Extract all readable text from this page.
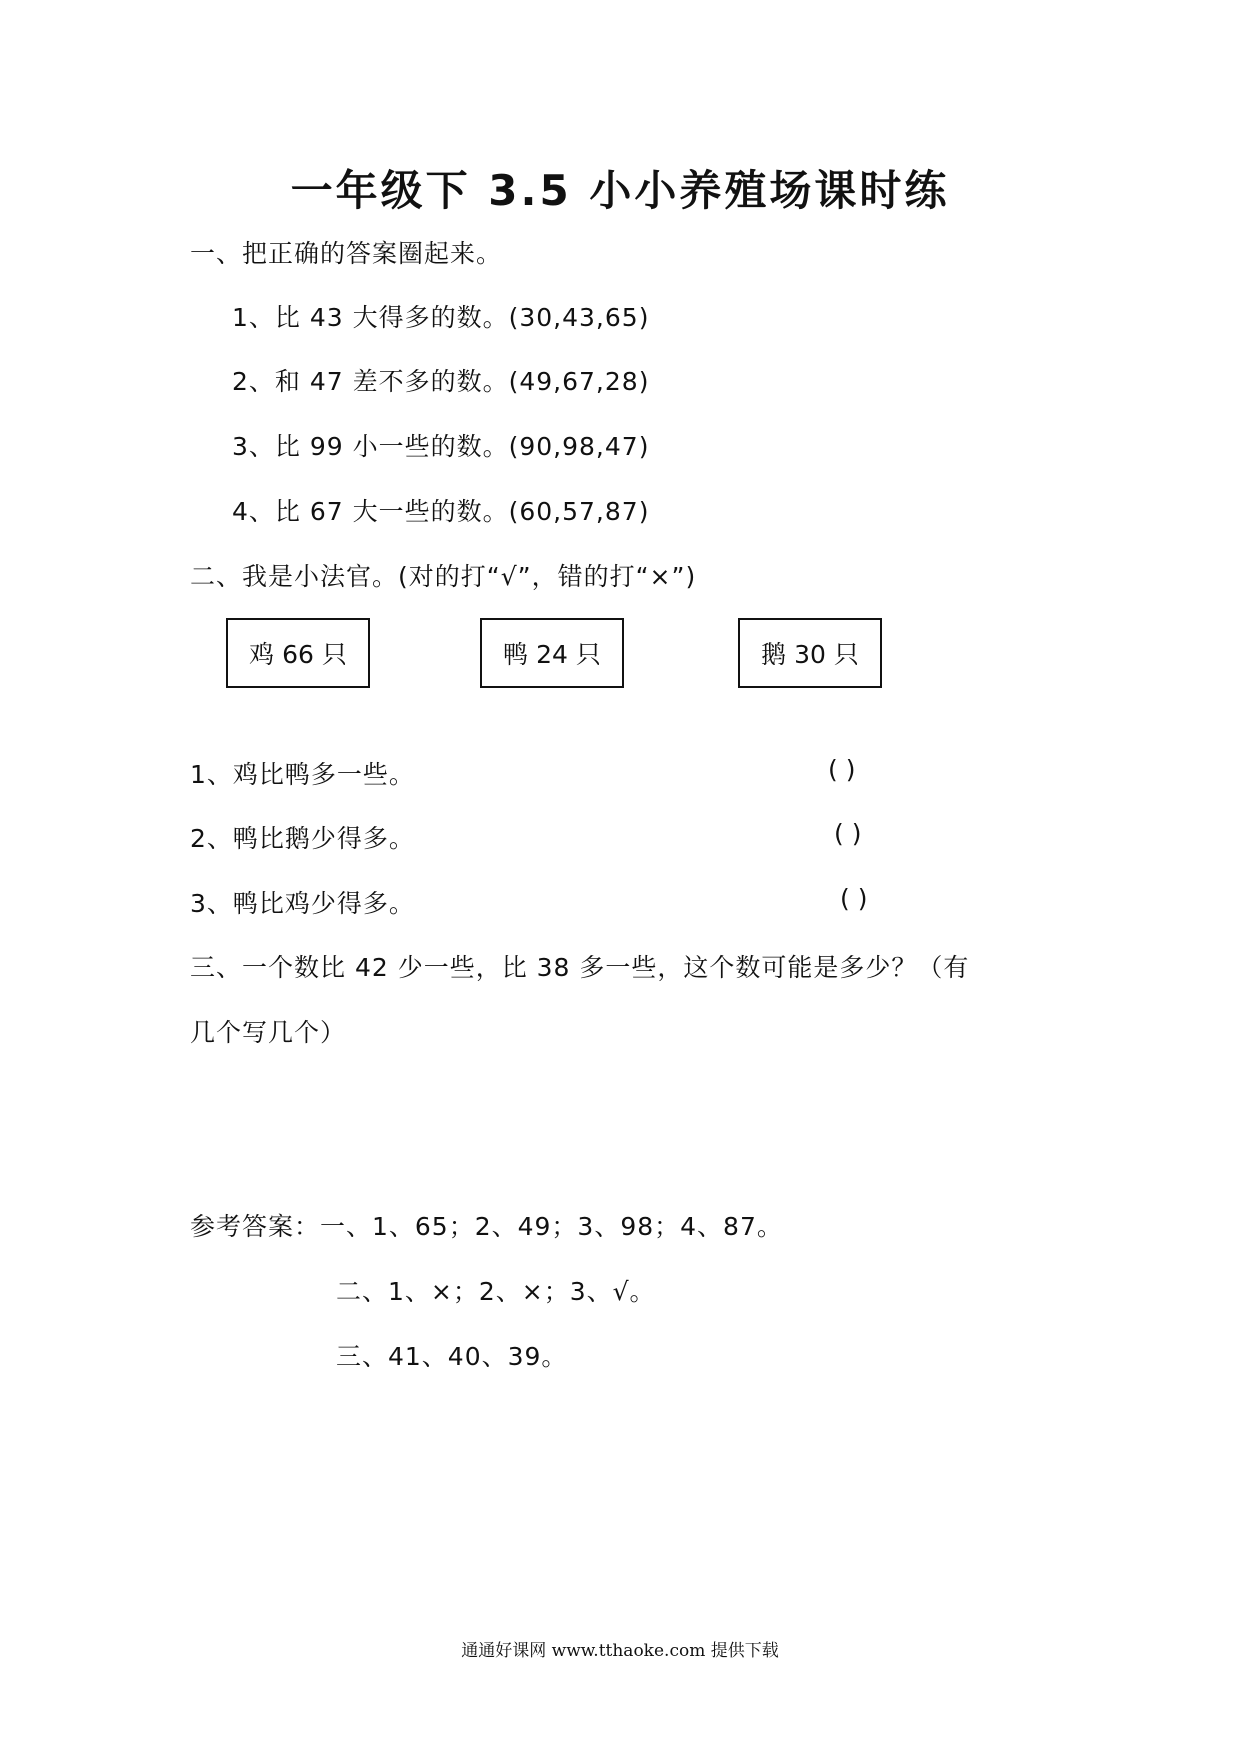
一年级下 3.5 小小养殖场课时练
一、把正确的答案圈起来。
1、比 43 大得多的数。(30,43,65)
2、和 47 差不多的数。(49,67,28)
3、比 99 小一些的数。(90,98,47)
4、比 67 大一些的数。(60,57,87)
二、我是小法官。(对的打“√”，错的打“×”)
鸡 66 只	鸭 24 只	鹅 30 只
1、鸡比鸭多一些。	( )
2、鸭比鹅少得多。	( )
3、鸭比鸡少得多。	( )
三、一个数比 42 少一些，比 38 多一些，这个数可能是多少？（有
几个写几个）
参考答案：一、1、65；2、49；3、98；4、87。
二、1、×；2、×；3、√。
三、41、40、39。
通通好课网 www.tthaoke.com 提供下载
